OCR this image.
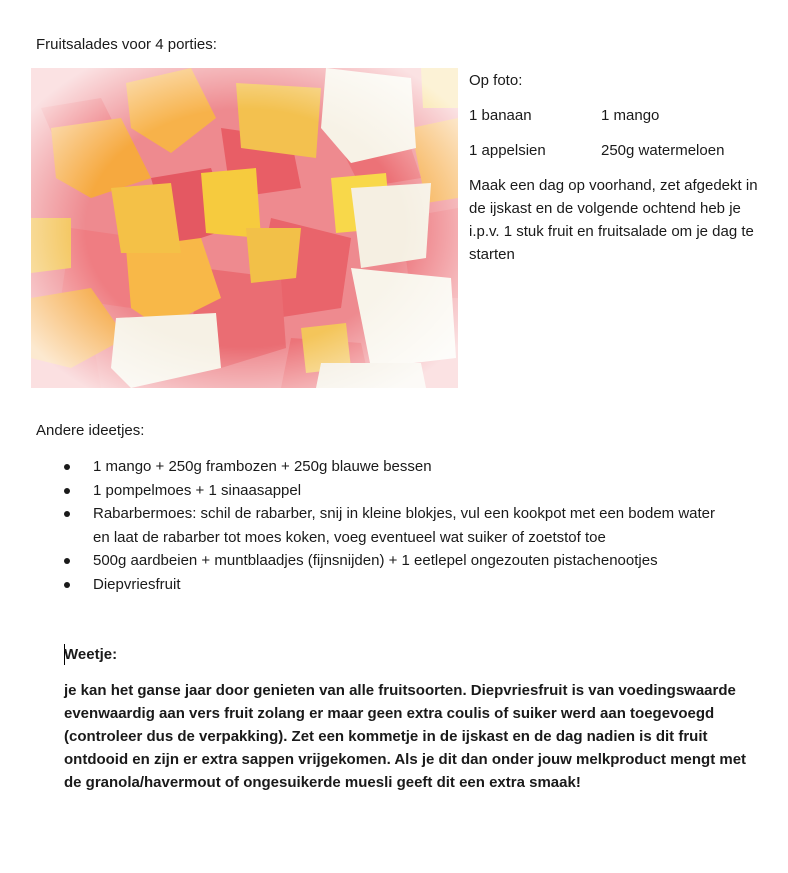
Fruitsalades voor 4 porties:
Op foto:
1 banaan	1 mango
1 appelsien	250g watermeloen
Maak een dag op voorhand, zet afgedekt in de ijskast en de volgende ochtend heb je i.p.v. 1 stuk fruit en fruitsalade om je dag te starten
Andere ideetjes:
1 mango + 250g frambozen + 250g blauwe bessen
1 pompelmoes + 1 sinaasappel
Rabarbermoes: schil de rabarber, snij in kleine blokjes, vul een kookpot met een bodem water en laat de rabarber tot moes koken, voeg eventueel wat suiker of zoetstof toe
500g aardbeien + muntblaadjes (fijnsnijden) + 1 eetlepel ongezouten pistachenootjes
Diepvriesfruit
Weetje:
je kan het ganse jaar door genieten van alle fruitsoorten. Diepvriesfruit is van voedingswaarde evenwaardig aan vers fruit zolang er maar geen extra coulis of suiker werd aan toegevoegd (controleer dus de verpakking). Zet een kommetje in de ijskast en de dag nadien is dit fruit ontdooid en zijn er extra sappen vrijgekomen. Als je dit dan onder jouw melkproduct mengt met de granola/havermout of ongesuikerde muesli geeft dit een extra smaak!
